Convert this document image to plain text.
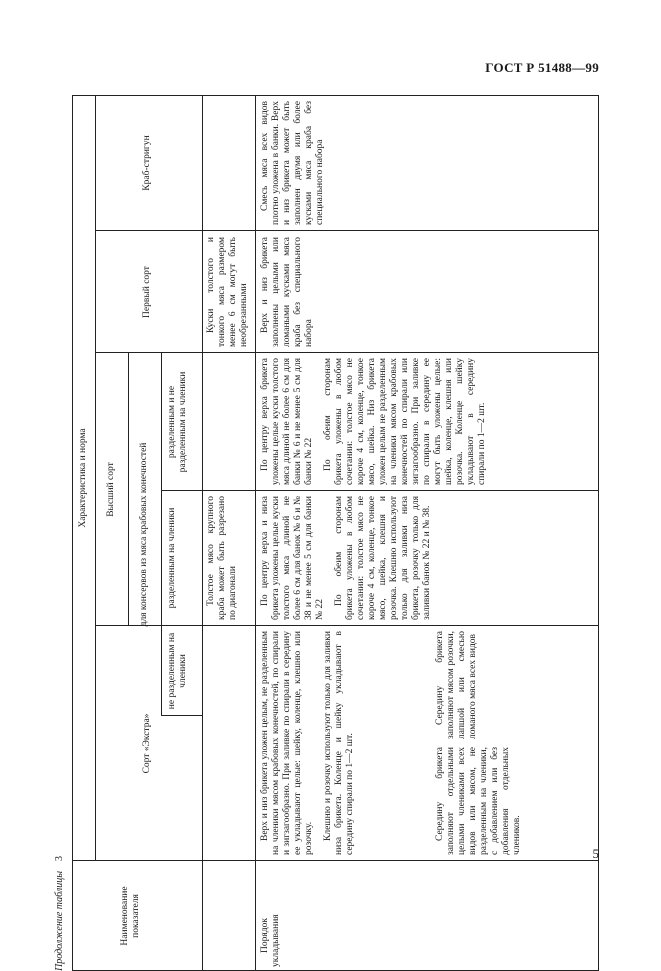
ГОСТ Р 51488—99
Продолжение таблицы3
Наименование показателя
Характеристика и норма
Сорт «Экстра»
Высший сорт для консервов из мяса крабовых конечностей
не разделенным на членики
разделенным на членики
разделенным и не разделенным на членики
Первый сорт
Краб-стригун
Толстое мясо крупного краба может быть разрезано по диагонали
Куски толстого и тонкого мяса размером менее 6 см могут быть необрезанными
Порядок укладывания

Верх и низ брикета уложен целым, не разделенным на членики мясом крабовых конечностей, по спирали и зигзагообразно. При заливке по спирали в середину ее укладывают целые: шейку, коленце, клешню или розочку. Клешню и розочку используют только для заливки низа брикета. Коленце и шейку укладывают в середину спирали по 1—2 шт.	Середину брикета заполняют отдельными целыми члениками всех видов или мясом, не разделенным на членики, с добавлением или без добавления отдельных члеников.
Середину брикета заполняют мясом розочки, лапшой или смесью ломаного мяса всех видов

По центру верха и низа брикета уложены целые куски толстого мяса длиной не более 6 см для банок № 6 и № 38 и не менее 5 см для банки № 22

По обеим сторонам брикета уложены в любом сочетании: толстое мясо не короче 4 см, коленце, тонкое мясо, шейка, клешня и розочка. Клешню используют только для заливки низа брикета, розочку только для заливки банок № 22 и № 38.

По центру верха брикета уложены целые куски толстого мяса длиной не более 6 см для банки № 6 и не менее 5 см для банки № 22 По обеим сторонам брикета уложены в любом сочетании: толстое мясо не короче 4 см, коленце, тонкое мясо, шейка. Низ брикета уложен целым не разделенным на членики мясом крабовых конечностей по спирали или зигзагообразно. При заливке по спирали в середину ее могут быть уложены целые: шейка, коленце, клешня или розочка. Коленце шейку укладывают в середину спирали по 1—2 шт.

Верх и низ брикета заполнены целыми или ломаными кусками мяса краба без специального набора
Смесь мяса всех видов плотно уложена в банки. Верх и низ брикета может быть заполнен двумя или более кусками мяса краба без специального набора
5
